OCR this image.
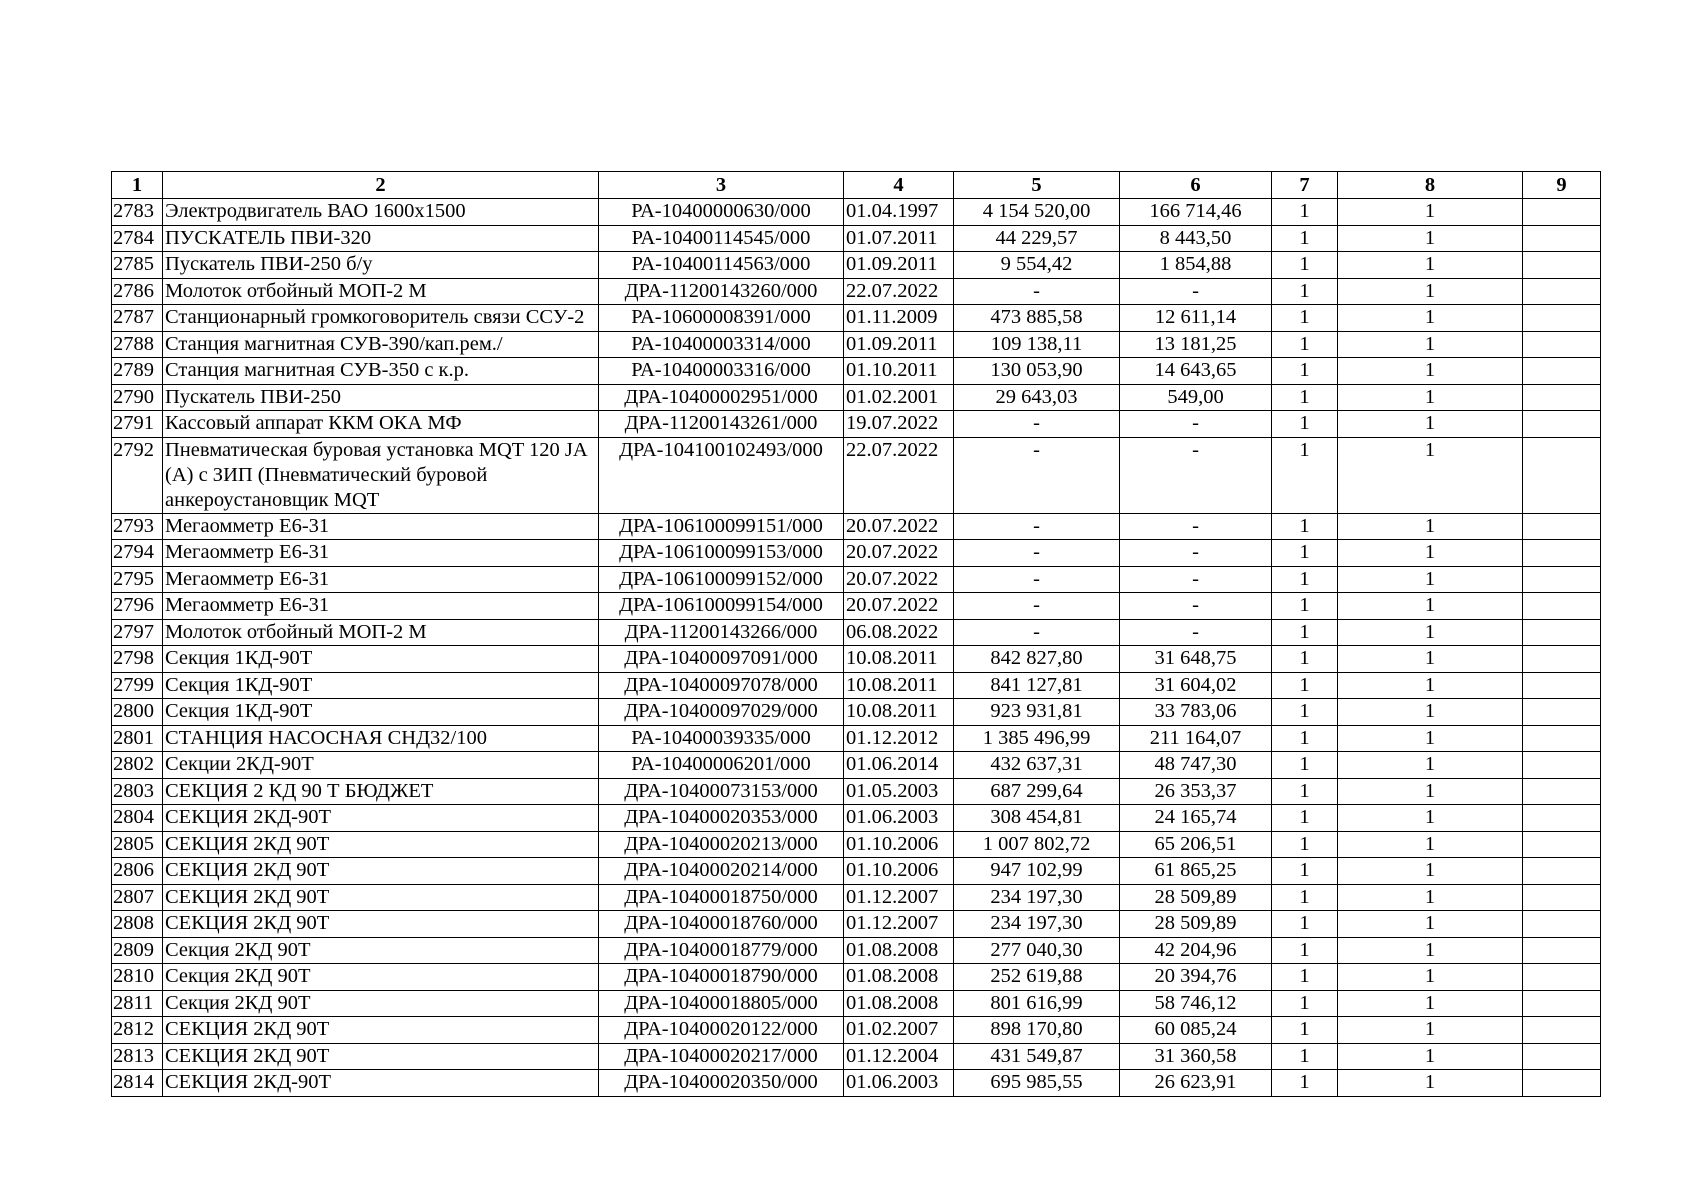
1	2	3	4	5	6	7	8	9
2783	Электродвигатель ВАО 1600х1500	РА-10400000630/000	01.04.1997	4 154 520,00	166 714,46	1	1	
2784	ПУСКАТЕЛЬ ПВИ-320	РА-10400114545/000	01.07.2011	44 229,57	8 443,50	1	1	
2785	Пускатель ПВИ-250 б/у	РА-10400114563/000	01.09.2011	9 554,42	1 854,88	1	1	
2786	Молоток отбойный МОП-2 М	ДРА-11200143260/000	22.07.2022	-	-	1	1	
2787	Станционарный громкоговоритель связи ССУ-2	РА-10600008391/000	01.11.2009	473 885,58	12 611,14	1	1	
2788	Станция магнитная СУВ-390/кап.рем./	РА-10400003314/000	01.09.2011	109 138,11	13 181,25	1	1	
2789	Станция магнитная СУВ-350 с к.р.	РА-10400003316/000	01.10.2011	130 053,90	14 643,65	1	1	
2790	Пускатель ПВИ-250	ДРА-10400002951/000	01.02.2001	29 643,03	549,00	1	1	
2791	Кассовый аппарат ККМ ОКА МФ	ДРА-11200143261/000	19.07.2022	-	-	1	1	
2792	Пневматическая буровая установка MQT 120 JA (A) с ЗИП (Пневматический буровой анкероустановщик MQT	ДРА-104100102493/000	22.07.2022	-	-	1	1	
2793	Мегаомметр Е6-31	ДРА-106100099151/000	20.07.2022	-	-	1	1	
2794	Мегаомметр Е6-31	ДРА-106100099153/000	20.07.2022	-	-	1	1	
2795	Мегаомметр Е6-31	ДРА-106100099152/000	20.07.2022	-	-	1	1	
2796	Мегаомметр Е6-31	ДРА-106100099154/000	20.07.2022	-	-	1	1	
2797	Молоток отбойный МОП-2 М	ДРА-11200143266/000	06.08.2022	-	-	1	1	
2798	Секция 1КД-90Т	ДРА-10400097091/000	10.08.2011	842 827,80	31 648,75	1	1	
2799	Секция 1КД-90Т	ДРА-10400097078/000	10.08.2011	841 127,81	31 604,02	1	1	
2800	Секция 1КД-90Т	ДРА-10400097029/000	10.08.2011	923 931,81	33 783,06	1	1	
2801	СТАНЦИЯ НАСОСНАЯ СНД32/100	РА-10400039335/000	01.12.2012	1 385 496,99	211 164,07	1	1	
2802	Секции 2КД-90Т	РА-10400006201/000	01.06.2014	432 637,31	48 747,30	1	1	
2803	СЕКЦИЯ 2 КД 90 Т БЮДЖЕТ	ДРА-10400073153/000	01.05.2003	687 299,64	26 353,37	1	1	
2804	СЕКЦИЯ 2КД-90Т	ДРА-10400020353/000	01.06.2003	308 454,81	24 165,74	1	1	
2805	СЕКЦИЯ 2КД 90Т	ДРА-10400020213/000	01.10.2006	1 007 802,72	65 206,51	1	1	
2806	СЕКЦИЯ 2КД 90Т	ДРА-10400020214/000	01.10.2006	947 102,99	61 865,25	1	1	
2807	СЕКЦИЯ 2КД 90Т	ДРА-10400018750/000	01.12.2007	234 197,30	28 509,89	1	1	
2808	СЕКЦИЯ 2КД 90Т	ДРА-10400018760/000	01.12.2007	234 197,30	28 509,89	1	1	
2809	Секция 2КД 90Т	ДРА-10400018779/000	01.08.2008	277 040,30	42 204,96	1	1	
2810	Секция 2КД 90Т	ДРА-10400018790/000	01.08.2008	252 619,88	20 394,76	1	1	
2811	Секция 2КД 90Т	ДРА-10400018805/000	01.08.2008	801 616,99	58 746,12	1	1	
2812	СЕКЦИЯ 2КД 90Т	ДРА-10400020122/000	01.02.2007	898 170,80	60 085,24	1	1	
2813	СЕКЦИЯ 2КД 90Т	ДРА-10400020217/000	01.12.2004	431 549,87	31 360,58	1	1	
2814	СЕКЦИЯ 2КД-90Т	ДРА-10400020350/000	01.06.2003	695 985,55	26 623,91	1	1	
